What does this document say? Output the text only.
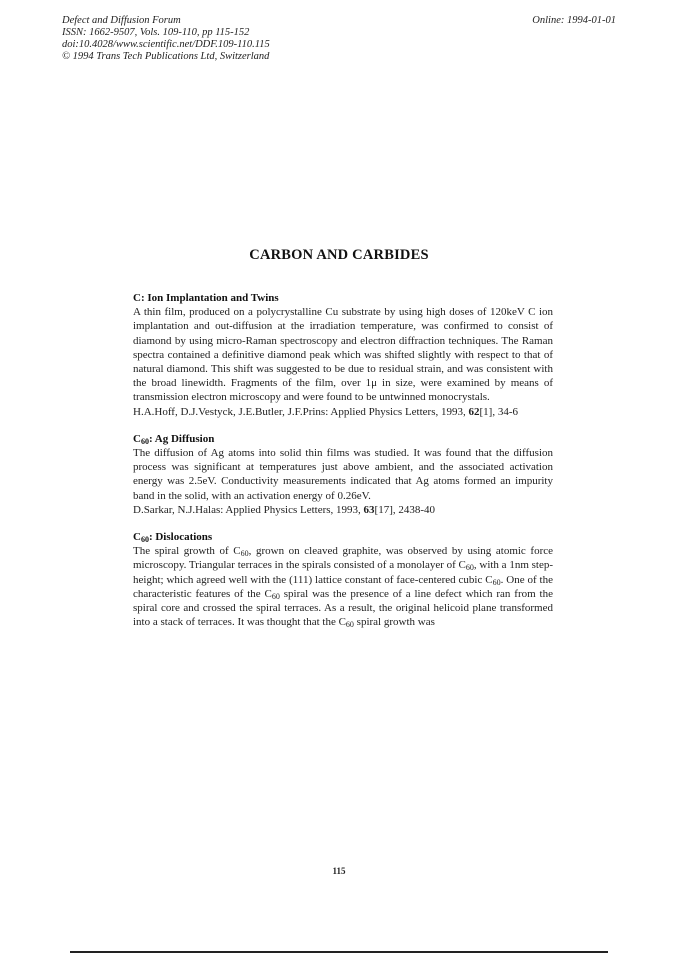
Defect and Diffusion Forum
ISSN: 1662-9507, Vols. 109-110, pp 115-152
doi:10.4028/www.scientific.net/DDF.109-110.115
© 1994 Trans Tech Publications Ltd, Switzerland
Online: 1994-01-01
CARBON AND CARBIDES
C: Ion Implantation and Twins
A thin film, produced on a polycrystalline Cu substrate by using high doses of 120keV C ion implantation and out-diffusion at the irradiation temperature, was confirmed to consist of diamond by using micro-Raman spectroscopy and electron diffraction techniques. The Raman spectra contained a definitive diamond peak which was shifted slightly with respect to that of natural diamond. This shift was suggested to be due to residual strain, and was consistent with the broad linewidth. Fragments of the film, over 1μ in size, were examined by means of transmission electron microscopy and were found to be untwinned monocrystals.
H.A.Hoff, D.J.Vestyck, J.E.Butler, J.F.Prins: Applied Physics Letters, 1993, 62[1], 34-6
$C_{60}$: Ag Diffusion
The diffusion of Ag atoms into solid thin films was studied. It was found that the diffusion process was significant at temperatures just above ambient, and the associated activation energy was 2.5eV. Conductivity measurements indicated that Ag atoms formed an impurity band in the solid, with an activation energy of 0.26eV.
D.Sarkar, N.J.Halas: Applied Physics Letters, 1993, 63[17], 2438-40
$C_{60}$: Dislocations
The spiral growth of $C_{60}$, grown on cleaved graphite, was observed by using atomic force microscopy. Triangular terraces in the spirals consisted of a monolayer of $C_{60}$, with a 1nm step-height; which agreed well with the (111) lattice constant of face-centered cubic $C_{60}$. One of the characteristic features of the $C_{60}$ spiral was the presence of a line defect which ran from the spiral core and crossed the spiral terraces. As a result, the original helicoid plane transformed into a stack of terraces. It was thought that the $C_{60}$ spiral growth was
115
